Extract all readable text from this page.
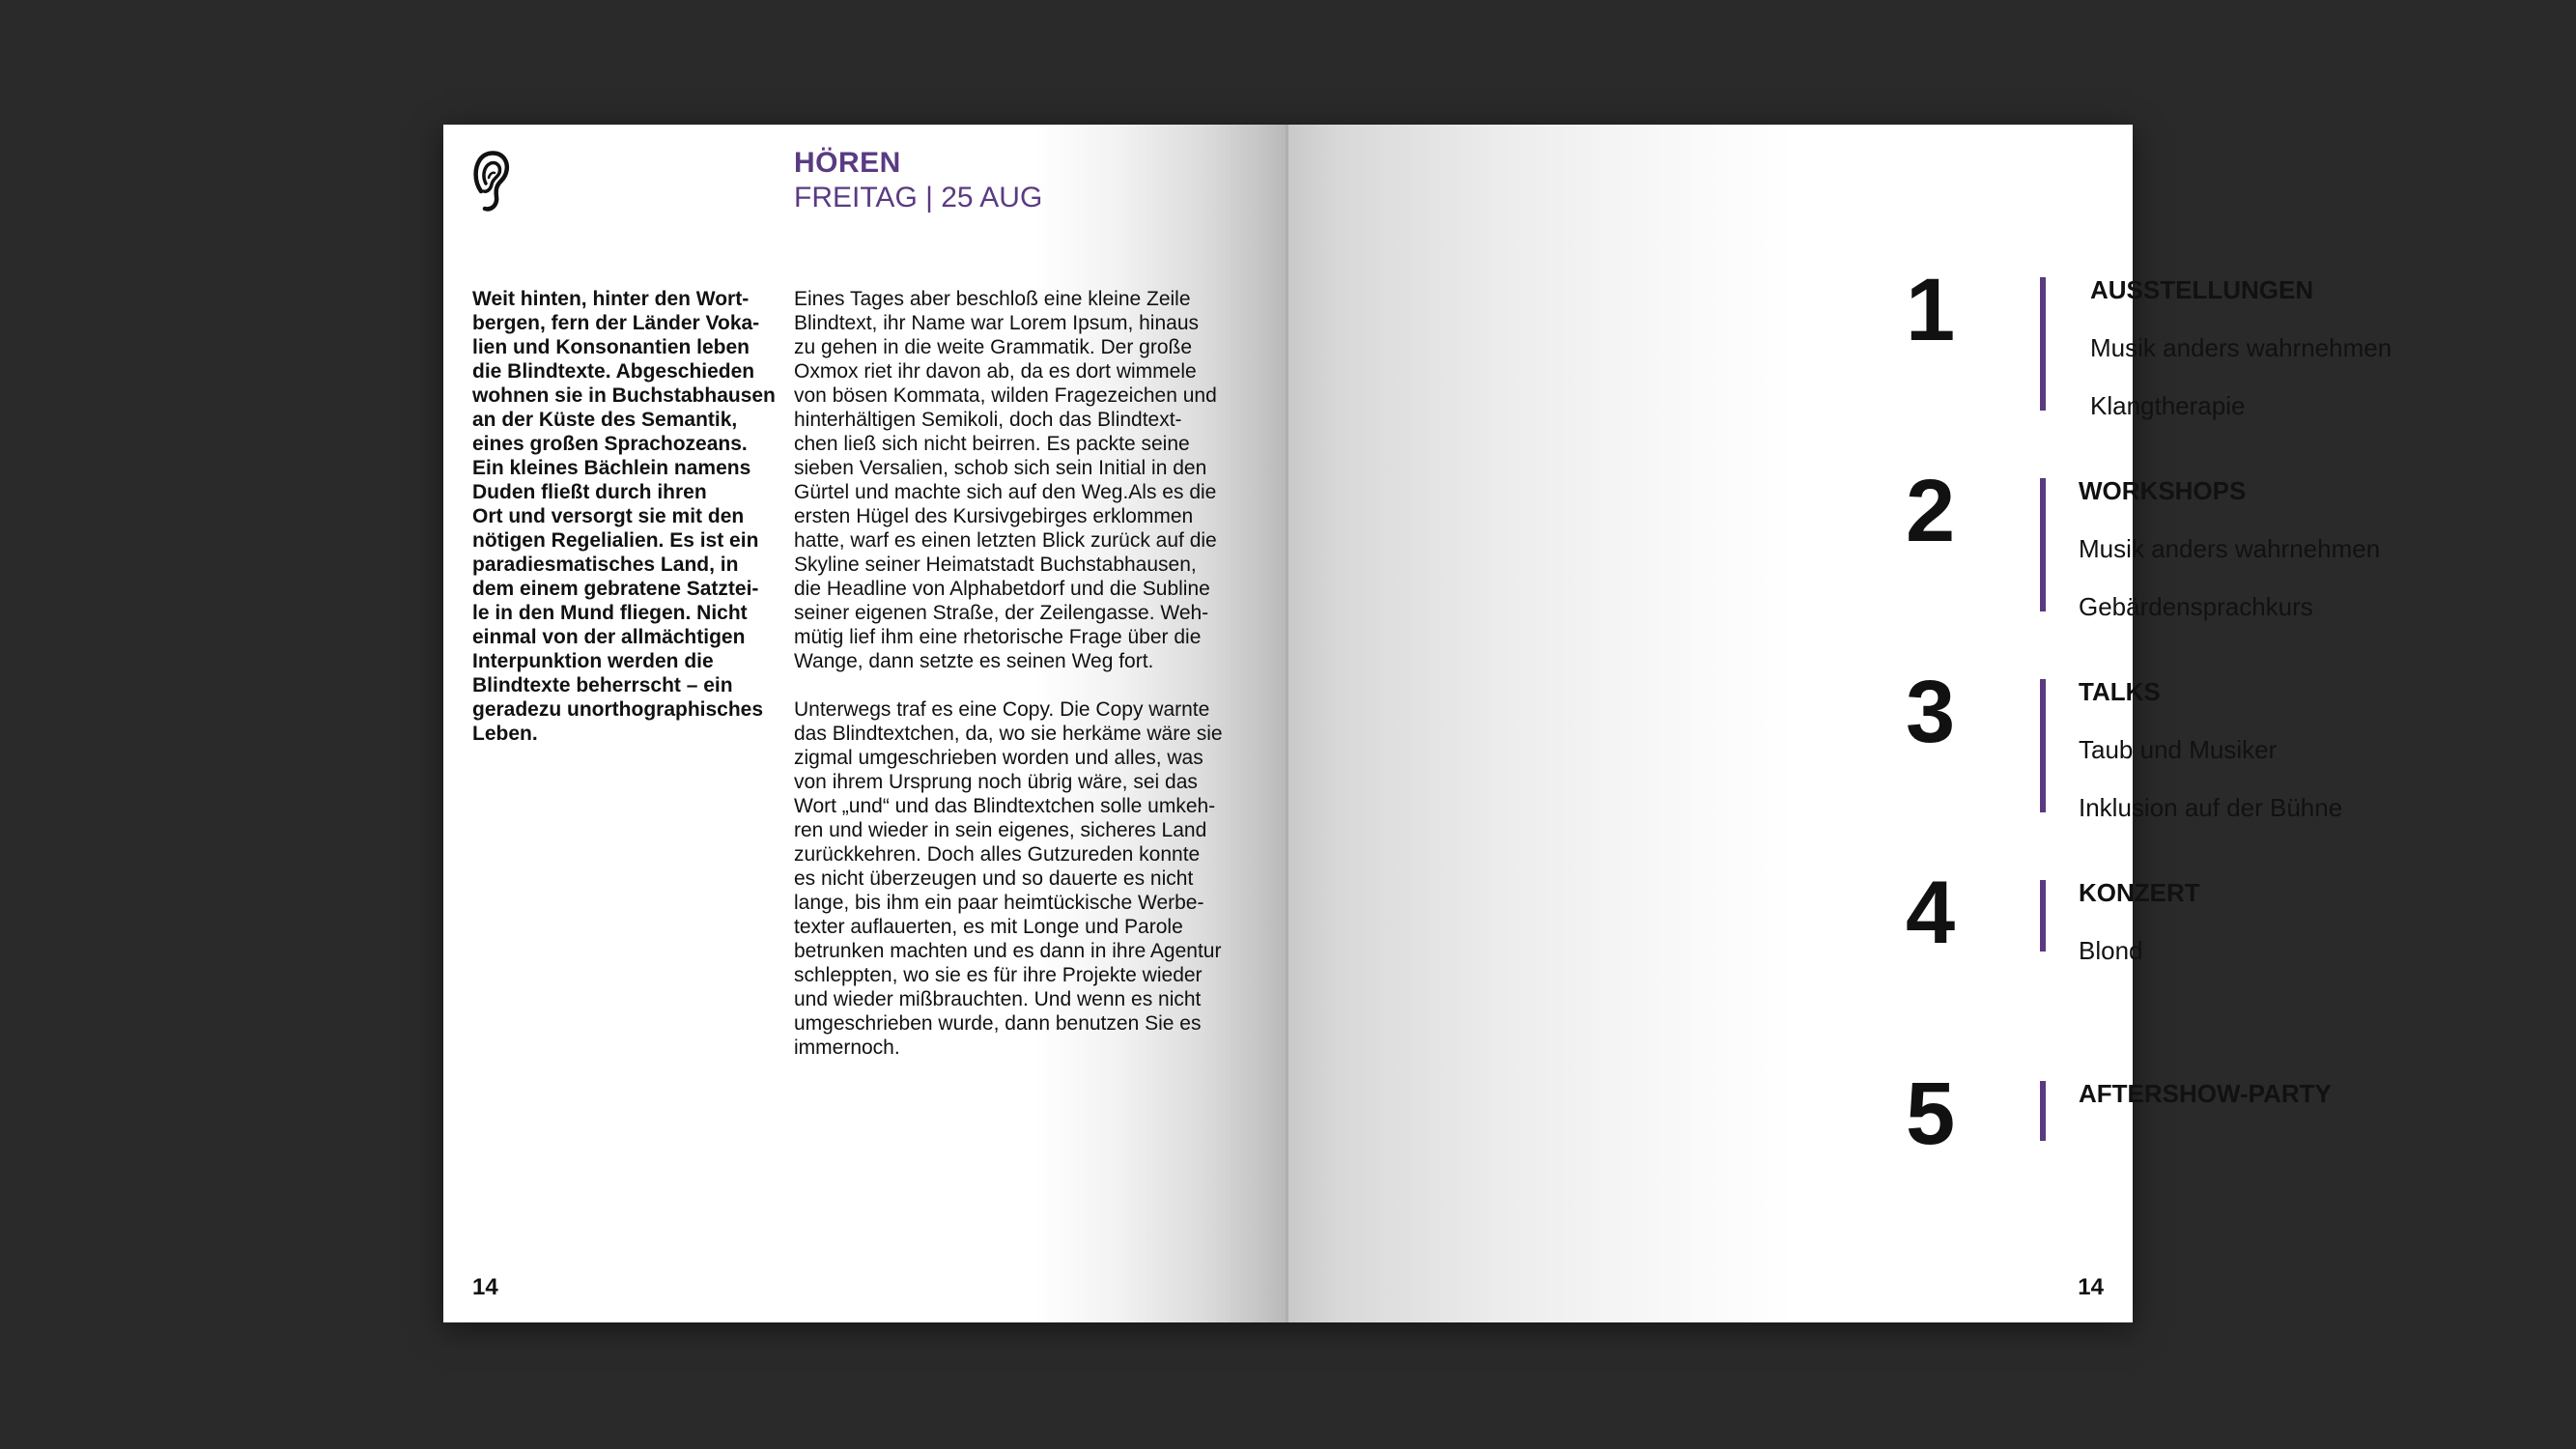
HÖREN
FREITAG | 25 AUG

Weit hinten, hinter den Wort-
bergen, fern der Länder Voka-
lien und Konsonantien leben
die Blindtexte. Abgeschieden
wohnen sie in Buchstabhausen
an der Küste des Semantik,
eines großen Sprachozeans.
Ein kleines Bächlein namens
Duden fließt durch ihren
Ort und versorgt sie mit den
nötigen Regelialien. Es ist ein
paradiesmatisches Land, in
dem einem gebratene Satztei-
le in den Mund fliegen. Nicht
einmal von der allmächtigen
Interpunktion werden die
Blindtexte beherrscht – ein
geradezu unorthographisches
Leben.

Eines Tages aber beschloß eine kleine Zeile
Blindtext, ihr Name war Lorem Ipsum, hinaus
zu gehen in die weite Grammatik. Der große
Oxmox riet ihr davon ab, da es dort wimmele
von bösen Kommata, wilden Fragezeichen und
hinterhältigen Semikoli, doch das Blindtext-
chen ließ sich nicht beirren. Es packte seine
sieben Versalien, schob sich sein Initial in den
Gürtel und machte sich auf den Weg.Als es die
ersten Hügel des Kursivgebirges erklommen
hatte, warf es einen letzten Blick zurück auf die
Skyline seiner Heimatstadt Buchstabhausen,
die Headline von Alphabetdorf und die Subline
seiner eigenen Straße, der Zeilengasse. Weh-
mütig lief ihm eine rhetorische Frage über die
Wange, dann setzte es seinen Weg fort.

Unterwegs traf es eine Copy. Die Copy warnte
das Blindtextchen, da, wo sie herkäme wäre sie
zigmal umgeschrieben worden und alles, was
von ihrem Ursprung noch übrig wäre, sei das
Wort „und“ und das Blindtextchen solle umkeh-
ren und wieder in sein eigenes, sicheres Land
zurückkehren. Doch alles Gutzureden konnte
es nicht überzeugen und so dauerte es nicht
lange, bis ihm ein paar heimtückische Werbe-
texter auflauerten, es mit Longe und Parole
betrunken machten und es dann in ihre Agentur
schleppten, wo sie es für ihre Projekte wieder
und wieder mißbrauchten. Und wenn es nicht
umgeschrieben wurde, dann benutzen Sie es
immernoch.

14
1	AUSSTELLUNGEN
Musik anders wahrnehmen
Klangtherapie
2	WORKSHOPS
Musik anders wahrnehmen
Gebärdensprachkurs
3	TALKS
Taub und Musiker
Inklusion auf der Bühne
4	KONZERT
Blond
5	AFTERSHOW-PARTY
14
